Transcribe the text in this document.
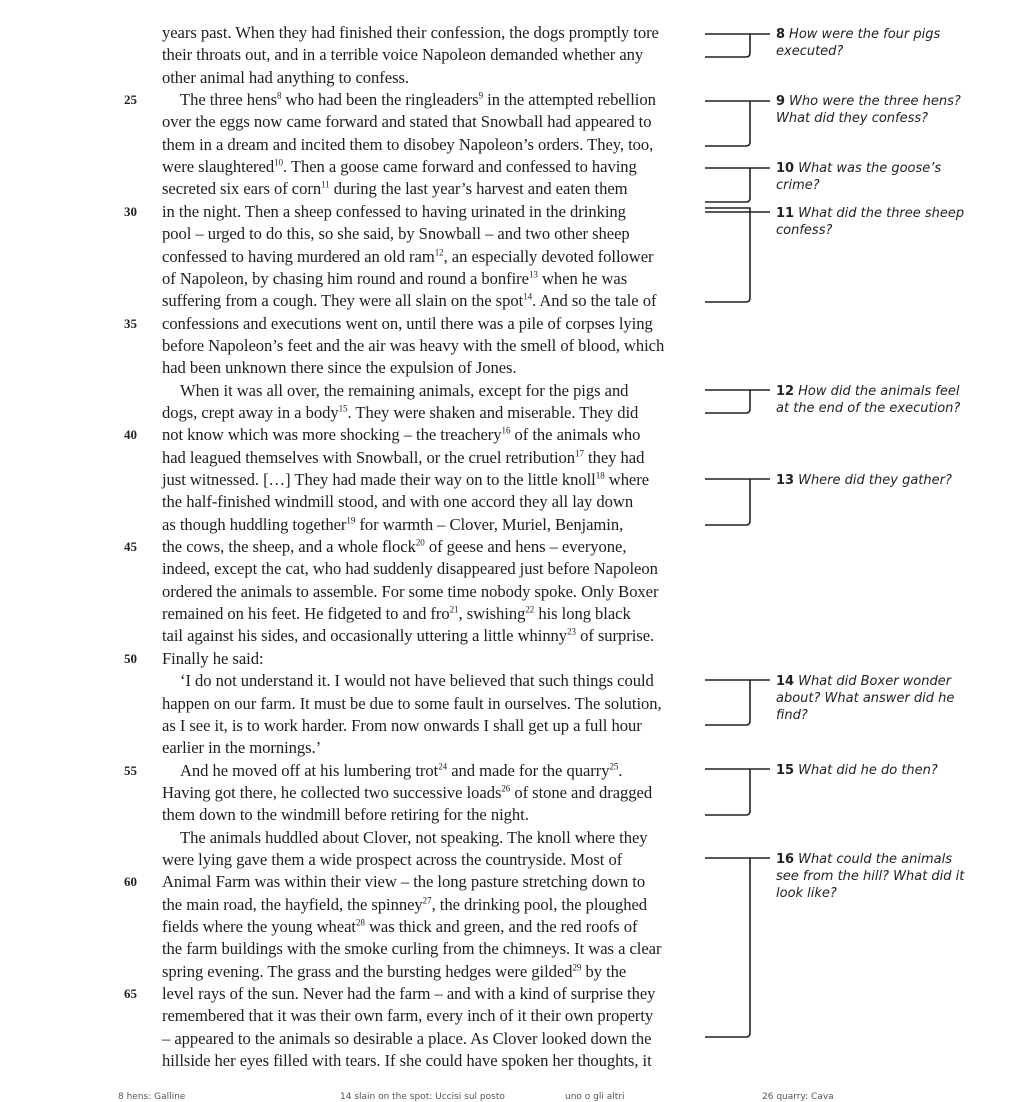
years past. When they had finished their confession, the dogs promptly tore
their throats out, and in a terrible voice Napoleon demanded whether any
other animal had anything to confess.
The three hens$^8$ who had been the ringleaders$^9$ in the attempted rebellion
25
over the eggs now came forward and stated that Snowball had appeared to
them in a dream and incited them to disobey Napoleon’s orders. They, too,
were slaughtered$^{10}$. Then a goose came forward and confessed to having
secreted six ears of corn$^{11}$ during the last year’s harvest and eaten them
in the night. Then a sheep confessed to having urinated in the drinking
30
pool – urged to do this, so she said, by Snowball – and two other sheep
confessed to having murdered an old ram$^{12}$, an especially devoted follower
of Napoleon, by chasing him round and round a bonfire$^{13}$ when he was
suffering from a cough. They were all slain on the spot$^{14}$. And so the tale of
confessions and executions went on, until there was a pile of corpses lying
35
before Napoleon’s feet and the air was heavy with the smell of blood, which
had been unknown there since the expulsion of Jones.
When it was all over, the remaining animals, except for the pigs and
dogs, crept away in a body$^{15}$. They were shaken and miserable. They did
not know which was more shocking – the treachery$^{16}$ of the animals who
40
had leagued themselves with Snowball, or the cruel retribution$^{17}$ they had
just witnessed. […] They had made their way on to the little knoll$^{18}$ where
the half-finished windmill stood, and with one accord they all lay down
as though huddling together$^{19}$ for warmth – Clover, Muriel, Benjamin,
the cows, the sheep, and a whole flock$^{20}$ of geese and hens – everyone,
45
indeed, except the cat, who had suddenly disappeared just before Napoleon
ordered the animals to assemble. For some time nobody spoke. Only Boxer
remained on his feet. He fidgeted to and fro$^{21}$, swishing$^{22}$ his long black
tail against his sides, and occasionally uttering a little whinny$^{23}$ of surprise.
Finally he said:
50
‘I do not understand it. I would not have believed that such things could
happen on our farm. It must be due to some fault in ourselves. The solution,
as I see it, is to work harder. From now onwards I shall get up a full hour
earlier in the mornings.’
And he moved off at his lumbering trot$^{24}$ and made for the quarry$^{25}$.
55
Having got there, he collected two successive loads$^{26}$ of stone and dragged
them down to the windmill before retiring for the night.
The animals huddled about Clover, not speaking. The knoll where they
were lying gave them a wide prospect across the countryside. Most of
Animal Farm was within their view – the long pasture stretching down to
60
the main road, the hayfield, the spinney$^{27}$, the drinking pool, the ploughed
fields where the young wheat$^{28}$ was thick and green, and the red roofs of
the farm buildings with the smoke curling from the chimneys. It was a clear
spring evening. The grass and the bursting hedges were gilded$^{29}$ by the
level rays of the sun. Never had the farm – and with a kind of surprise they
65
remembered that it was their own farm, every inch of it their own property
– appeared to the animals so desirable a place. As Clover looked down the
hillside her eyes filled with tears. If she could have spoken her thoughts, it
8 How were the four pigs executed?
9 Who were the three hens? What did they confess?
10 What was the goose’s crime?
11 What did the three sheep confess?
12 How did the animals feel at the end of the execution?
13 Where did they gather?
14 What did Boxer wonder about? What answer did he find?
15 What did he do then?
16 What could the animals see from the hill? What did it look like?
8 hens: Galline	14 slain on the spot: Uccisi sul posto	uno o gli altri	26 quarry: Cava
